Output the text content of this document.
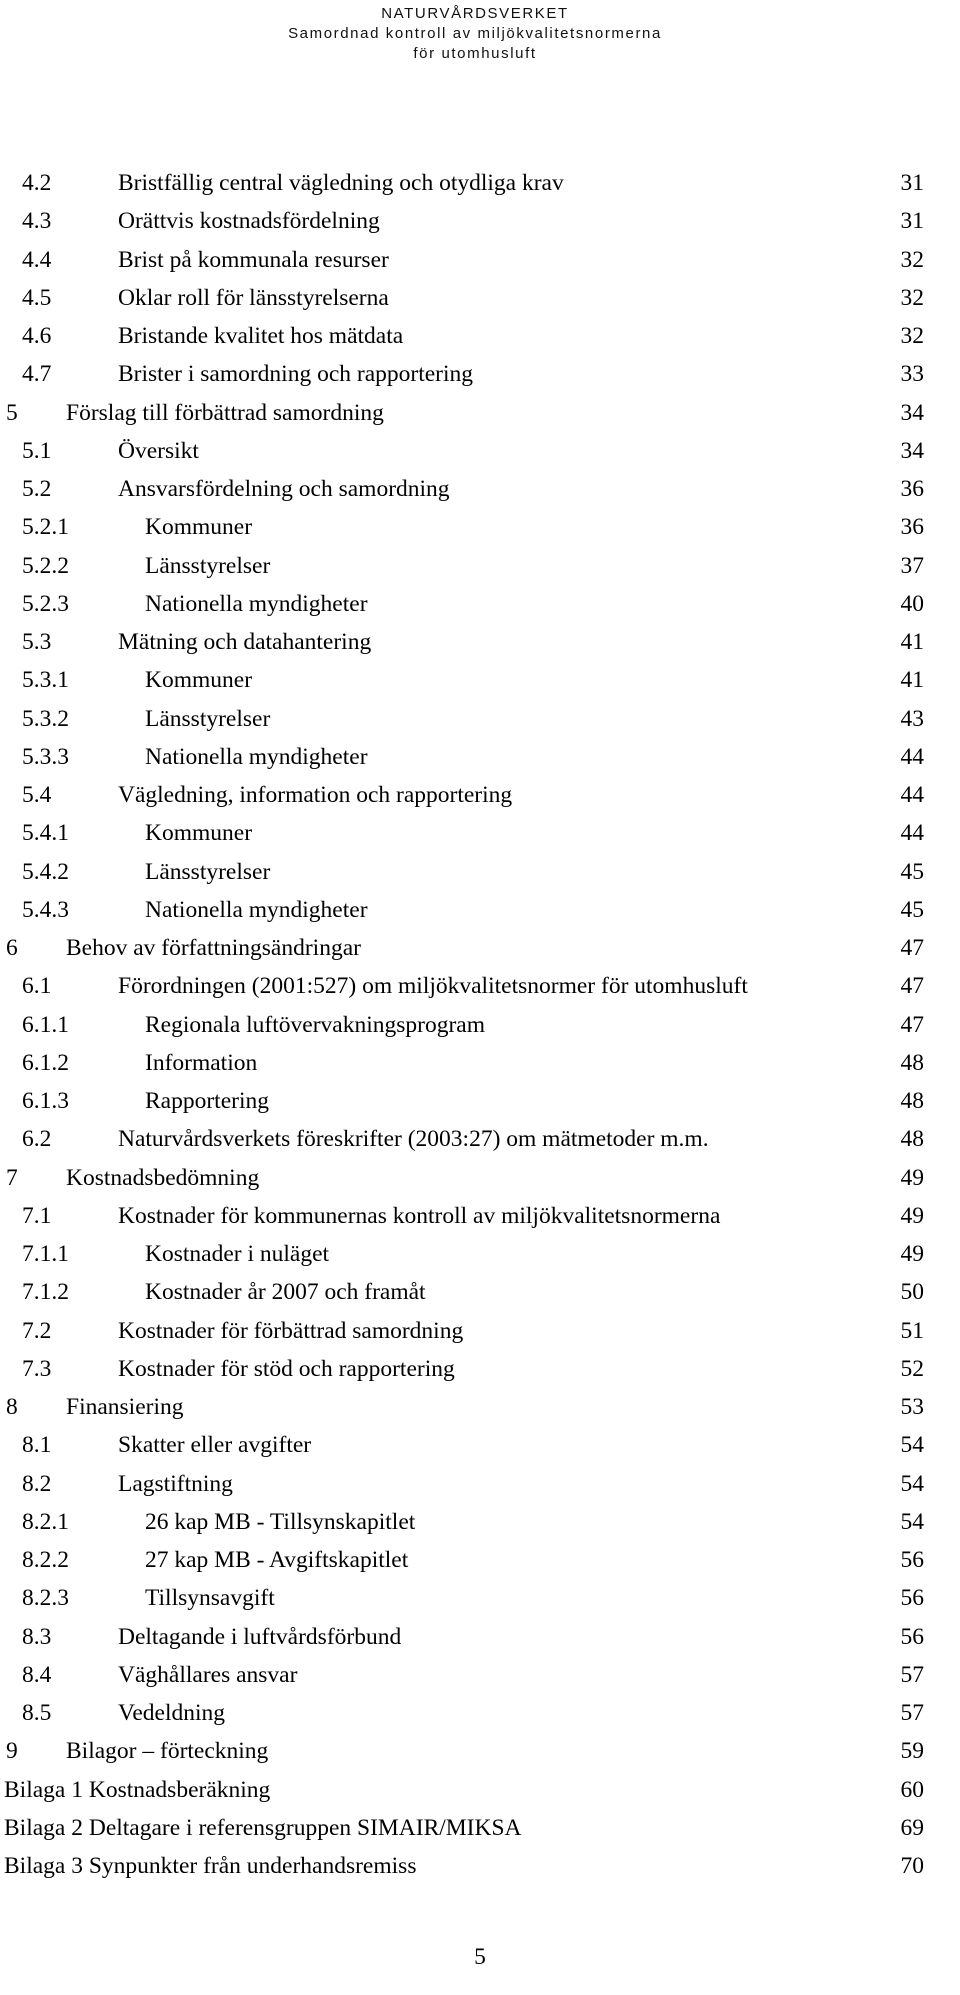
NATURVÅRDSVERKET
Samordnad kontroll av miljökvalitetsnormerna
för utomhusluft
4.2	Bristfällig central vägledning och otydliga krav	31
4.3	Orättvis kostnadsfördelning	31
4.4	Brist på kommunala resurser	32
4.5	Oklar roll för länsstyrelserna	32
4.6	Bristande kvalitet hos mätdata	32
4.7	Brister i samordning och rapportering	33
5 Förslag till förbättrad samordning	34
5.1	Översikt	34
5.2	Ansvarsfördelning och samordning	36
5.2.1	Kommuner	36
5.2.2	Länsstyrelser	37
5.2.3	Nationella myndigheter	40
5.3	Mätning och datahantering	41
5.3.1	Kommuner	41
5.3.2	Länsstyrelser	43
5.3.3	Nationella myndigheter	44
5.4	Vägledning, information och rapportering	44
5.4.1	Kommuner	44
5.4.2	Länsstyrelser	45
5.4.3	Nationella myndigheter	45
6 Behov av författningsändringar	47
6.1	Förordningen (2001:527) om miljökvalitetsnormer för utomhusluft	47
6.1.1	Regionala luftövervakningsprogram	47
6.1.2	Information	48
6.1.3	Rapportering	48
6.2	Naturvårdsverkets föreskrifter (2003:27) om mätmetoder m.m.	48
7 Kostnadsbedömning	49
7.1	Kostnader för kommunernas kontroll av miljökvalitetsnormerna	49
7.1.1	Kostnader i nuläget	49
7.1.2	Kostnader år 2007 och framåt	50
7.2	Kostnader för förbättrad samordning	51
7.3	Kostnader för stöd och rapportering	52
8 Finansiering	53
8.1	Skatter eller avgifter	54
8.2	Lagstiftning	54
8.2.1	26 kap MB - Tillsynskapitlet	54
8.2.2	27 kap MB - Avgiftskapitlet	56
8.2.3	Tillsynsavgift	56
8.3	Deltagande i luftvårdsförbund	56
8.4	Väghållares ansvar	57
8.5	Vedeldning	57
9 Bilagor – förteckning	59
Bilaga 1 Kostnadsberäkning	60
Bilaga 2 Deltagare i referensgruppen SIMAIR/MIKSA	69
Bilaga 3 Synpunkter från underhandsremiss	70
5
